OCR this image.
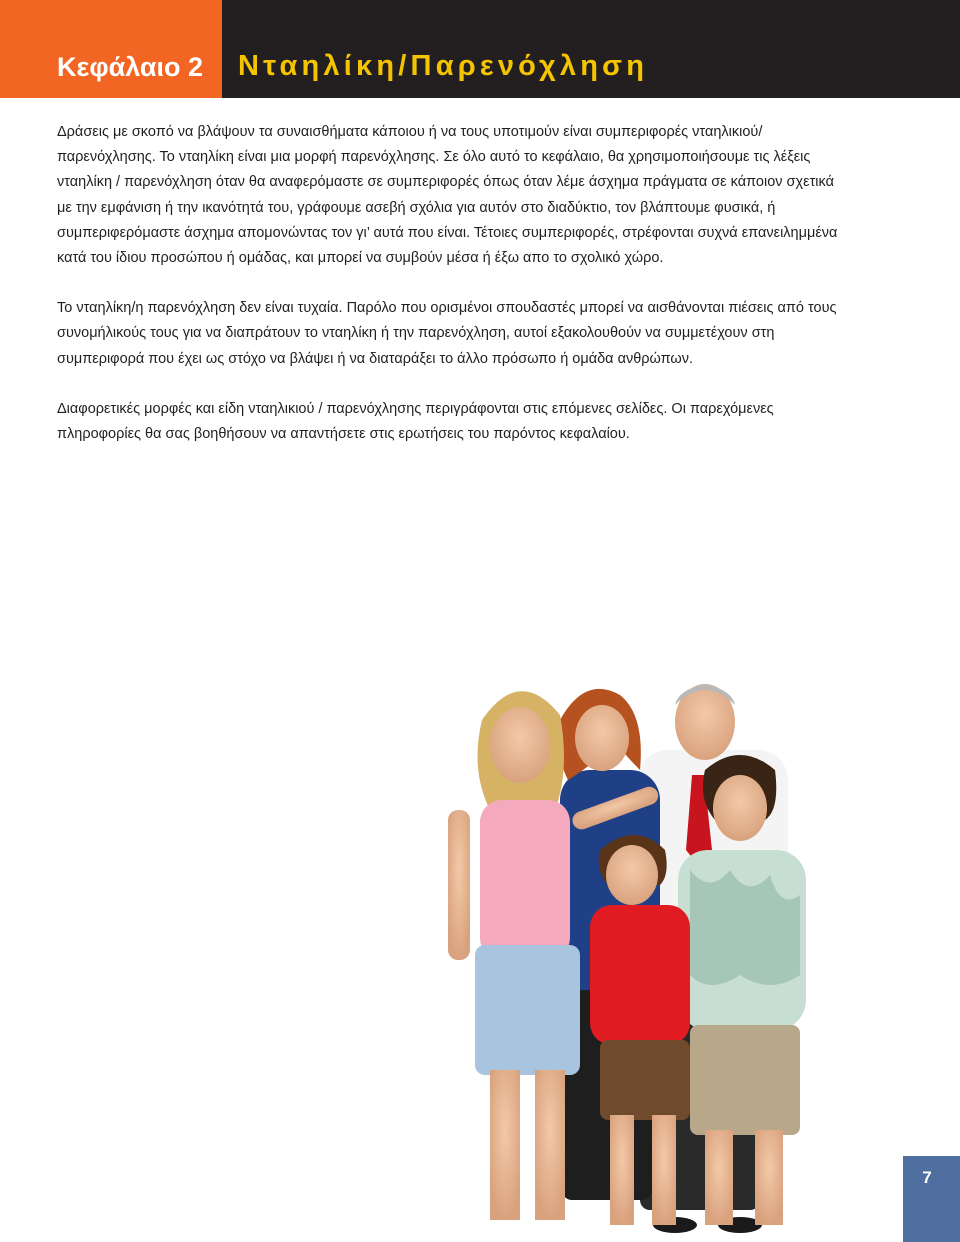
Κεφάλαιο 2 Νταηλίκη/Παρενόχληση

Δράσεις με σκοπό να βλάψουν τα συναισθήματα κάποιου ή να τους υποτιμούν είναι συμπεριφορές νταηλικιού/ παρενόχλησης. Το νταηλίκη είναι μια μορφή παρενόχλησης. Σε όλο αυτό το κεφάλαιο, θα χρησιμοποιήσουμε τις λέξεις νταηλίκη / παρενόχληση όταν θα αναφερόμαστε σε συμπεριφορές όπως όταν λέμε άσχημα πράγματα σε κάποιον σχετικά με την εμφάνιση ή την ικανότητά του, γράφουμε ασεβή σχόλια για αυτόν στο διαδύκτιο, τον βλάπτουμε φυσικά, ή συμπεριφερόμαστε άσχημα απομονώντας τον γι’ αυτά που είναι. Τέτοιες συμπεριφορές, στρέφονται συχνά επανειλημμένα κατά του ίδιου προσώπου ή ομάδας, και μπορεί να συμβούν μέσα ή έξω απο το σχολικό χώρο.

Το νταηλίκη/η παρενόχληση δεν είναι τυχαία. Παρόλο που ορισμένοι σπουδαστές μπορεί να αισθάνονται πιέσεις από τους συνομήλικούς τους για να διαπράτουν το νταηλίκη ή την παρενόχληση, αυτοί εξακολουθούν να συμμετέχουν στη συμπεριφορά που έχει ως στόχο να βλάψει ή να διαταράξει το άλλο πρόσωπο ή ομάδα ανθρώπων.

Διαφορετικές μορφές και είδη νταηλικιού / παρενόχλησης περιγράφονται στις επόμενες σελίδες. Οι παρεχόμενες πληροφορίες θα σας βοηθήσουν να απαντήσετε στις ερωτήσεις του παρόντος κεφαλαίου.

7
